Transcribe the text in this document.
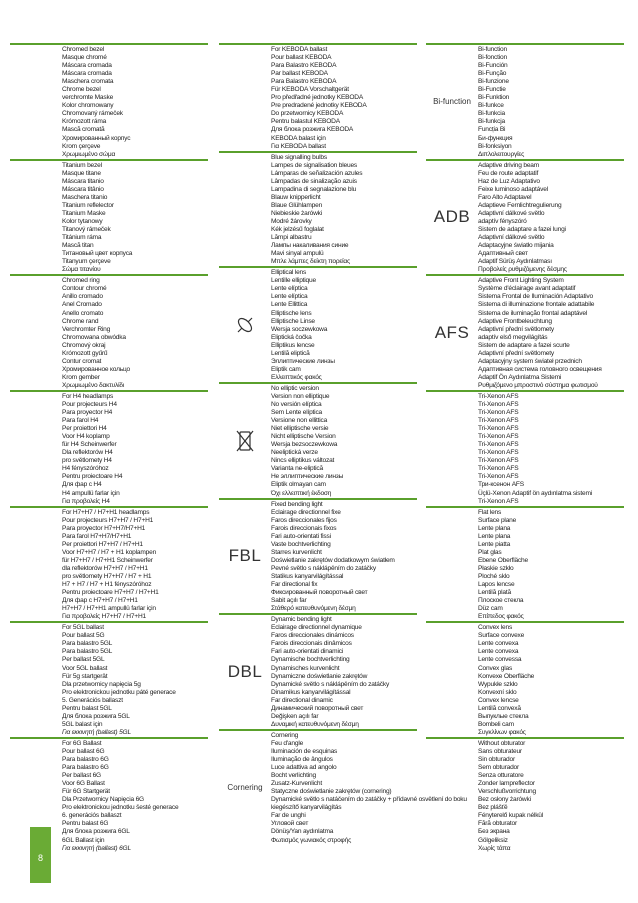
Chromed bezel
Masque chromé
Máscara cromada
Máscara cromada
Maschera cromata
Chrome bezel
verchromte Maske
Kolor chromowany
Chromovaný rámeček
Krómozott ráma
Mască cromată
Хромированный корпус
Krom çerçeve
Χρωμιωμένο σώμα
Titanium bezel
Masque titane
Máscara titanio
Máscara titânio
Maschera titanio
Titanium reflelector
Titanium Maske
Kolor tytanowy
Titanový rámeček
Titánium ráma
Mască titan
Титановый цвет корпуса
Titanyum çerçeve
Σώμα τιτανίου
Chromed ring
Contour chromé
Anillo cromado
Anel Cromado
Anello cromato
Chrome rand
Verchromter Ring
Chromowana obwódka
Chromový okraj
Krómozott gyűrű
Contur cromat
Хромированное кольцо
Krom gember
Χρωμιωμένο δακτυλίδι
For H4 headlamps
Pour projecteurs H4
Para proyector H4
Para farol H4
Per proiettori H4
Voor H4 koplamp
für H4 Scheinwerfer
Dla reflektorów H4
pro světlomety H4
H4 fényszóróhoz
Pentru proiectoare H4
Для фар с H4
H4 ampullü farlar için
Για προβολείς H4
For H7+H7 / H7+H1 headlamps
Pour projecteurs H7+H7 / H7+H1
Para proyector H7+H7/H7+H1
Para farol H7+H7/H7+H1
Per proiettori H7+H7 / H7+H1
Voor H7+H7 / H7 + H1 koplampen
für H7+H7 / H7+H1 Scheinwerfer
dla reflektorów H7+H7 / H7+H1
pro světlomety H7+H7 / H7 + H1
H7 + H7 / H7 + H1 fényszóróhoz
Pentru proiectoare H7+H7 / H7+H1
Для фар с H7+H7 / H7+H1
H7+H7 / H7+H1 ampullü farlar için
Για προβολείς H7+H7 / H7+H1
For 5GL ballast
Pour ballast 5G
Para balastro 5GL
Para balastro 5GL
Per ballast 5GL
Voor 5GL ballast
Für 5g startgerät
Dla przetwornicy napięcia 5g
Pro elektronickou jednotku páté generace
5. Generációs ballaszt
Pentru balast 5GL
Для блока розжига 5GL
5GL balast için
Για εκκινητή (ballast) 5GL
For 6G Ballast
Pour ballast 6G
Para balastro 6G
Para balastro 6G
Per ballast 6G
Voor 6G Ballast
Für 6G Startgerät
Dla Przetwornicy Napięcia 6G
Pro elektronickou jednotku šesté generace
6. generációs ballaszt
Pentru balast 6G
Для блока розжига 6GL
6GL Ballast için
Για εκκινητή (ballast) 6GL
For KEBODA ballast
Pour ballast KEBODA
Para Balastro KEBODA
Par ballast KEBODA
Para Balastro KEBODA
Für KEBODA Vorschaltgerät
Pro předřadné jednotky KEBODA
Pre predradené jednotky KEBODA
Do przetwornicy KEBODA
Pentru balastul KEBODA
Для блока розжига KEBODA
KEBODA balast için
Για KEBODA ballast
Blue signalling bulbs
Lampes de signalisation bleues
Lámparas de señalización azules
Lâmpadas de sinalização azuis
Lampadina di segnalazione blu
Blauw knipperlicht
Blaue Glühlampen
Niebieskie żarówki
Modré žárovky
Kék jelzésű foglalat
Lămpi albastru
Лампы накаливания синие
Mavi sinyal ampulü
Μπλε λάμπες δείκτη πορείας
Elliptical lens
Lentille elliptique
Lente elíptica
Lente elíptica
Lente Ellittica
Elliptische lens
Elliptische Linse
Wersja soczewkowa
Eliptická čočka
Elliptikus lencse
Lentilă eliptică
Эллиптические линзы
Eliptik cam
Ελλειπτικός φακός
No elliptic version
Version non elliptique
No versión elíptica
Sem Lente elíptica
Versione non ellittica
Niet elliptische versie
Nicht elliptische Version
Wersja bezsoczewkowa
Neeliptická verze
Nincs elliptikus változat
Varianta ne-eliptică
Не эллиптические линзы
Eliptik olmayan cam
Όχι ελλειπτική έκδοση
FBL
Fixed bending light
Eclairage directionnel fixe
Faros direccionales fijos
Farois direccionais fixos
Fari auto-orientati fissi
Vaste bochtverlichting
Starres kurvenlicht
Doświetlanie zakrętów dodatkowym światłem
Pevné světlo s náklápěním do zatáčky
Statikus kanyarvilágítással
Far directional fix
Фиксированный поворотный свет
Sabit açılı far
Στάθερό κατευθυνόμενη δέσμη
DBL
Dynamic bending light
Eclairage directionnel dynamique
Faros direccionales dinámicos
Farois direccionais dinâmicos
Fari auto-orientati dinamici
Dynamische bochtverlichting
Dynamisches kurvenlicht
Dynamiczne doświetlanie zakrętów
Dynamické světlo s náklápěním do zatáčky
Dinamikus kanyarvilágítással
Far directional dinamic
Динамический поворотный свет
Değişken açılı far
Δυναμική κατευθυνόμενη δέσμη
Cornering
Cornering
Feu d'angle
Iluminación de esquinas
Iluminação de ângulos
Luce adattiva ad angolo
Bocht verlichting
Zusatz-Kurvenlicht
Statyczne doświetlanie zakrętów (cornering)
Dynamické světlo s natáčením do zatáčky + přídavné osvětlení do boku
kiegészítő kanyarvilágítás
Far de unghi
Угловой свет
Dönüş/Yan aydınlatma
Φωτισμός γωνιακός στροφής
Bi-function
Bi-function
Bi-fonction
Bi-Función
Bi-Função
Bi-funzione
Bi-Functie
Bi-Funktion
Bi-funkce
Bi-funkcia
Bi-funkcja
Funcția Bi
Би-функция
Bi-fonksiyon
Διπλολειτουργίες
ADB
Adaptive driving beam
Feu de route adaptatif
Haz de Luz Adaptativo
Feixe luminoso adaptável
Faro Alto Adaptavel
Adaptieve Fernlichtregulierung
Adaptivní dálkové světlo
adaptív fényszóró
Sistem de adaptare a fazei lungi
Adaptivní dálkové světlo
Adaptacyjne światło mijania
Адаптивный свет
Adaptif Sürüş Aydınlatması
Προβολείς ρυθμιζόμενης δέσμης
AFS
Adaptive Front Lighting System
Système d'éclairage avant adaptatif
Sistema Frontal de Iluminación Adaptativo
Sistema di illuminazione frontale adattabile
Sistema de iluminação frontal adaptável
Adaptive Frontbeleuchtung
Adaptivní přední světlomety
adaptív első megvilágítás
Sistem de adaptare a fazei scurte
Adaptivní přední světlomety
Adaptacyjny system świateł przednich
Адаптивная система головного освещения
Adaptif Ön Aydınlatma Sistemi
Ρυθμιζόμενο μπροστινό σύστημα φωτισμού
Tri-Xenon AFS
Tri-Xenon AFS
Tri-Xenon AFS
Tri-Xenon AFS
Tri-Xenon AFS
Tri-Xenon AFS
Tri-Xenon AFS
Tri-Xenon AFS
Tri-Xenon AFS
Tri-Xenon AFS
Tri-Xenon AFS
Три-ксенон AFS
Üçlü-Xenon Adaptif ön aydınlatma sistemi
Tri-Xenon AFS
Flat lens
Surface plane
Lente plana
Lente plana
Lente piatta
Plat glas
Ebene Oberfläche
Płaskie szkło
Ploché sklo
Lapos lencse
Lentilă plată
Плоское стекла
Düz cam
Επίπεδος φακός
Convex lens
Surface convexe
Lente convexa
Lente convexa
Lente convessa
Convex glas
Konvexe Oberfläche
Wypukłe szkło
Konvexní sklo
Convex lencse
Lentilă convexă
Выпуклые стекла
Bombeli cam
Συγκλίνων φακός
Without obturator
Sans obturateur
Sin obturador
Sem obturador
Senza otturatore
Zonder lampreflector
Verschlußvorrichtung
Bez osłony żarówki
Bez plášťě
Fényterelő kupak nélkül
Fără obturator
Без экрана
Gölgeliksiz
Χωρίς τάπα
8
